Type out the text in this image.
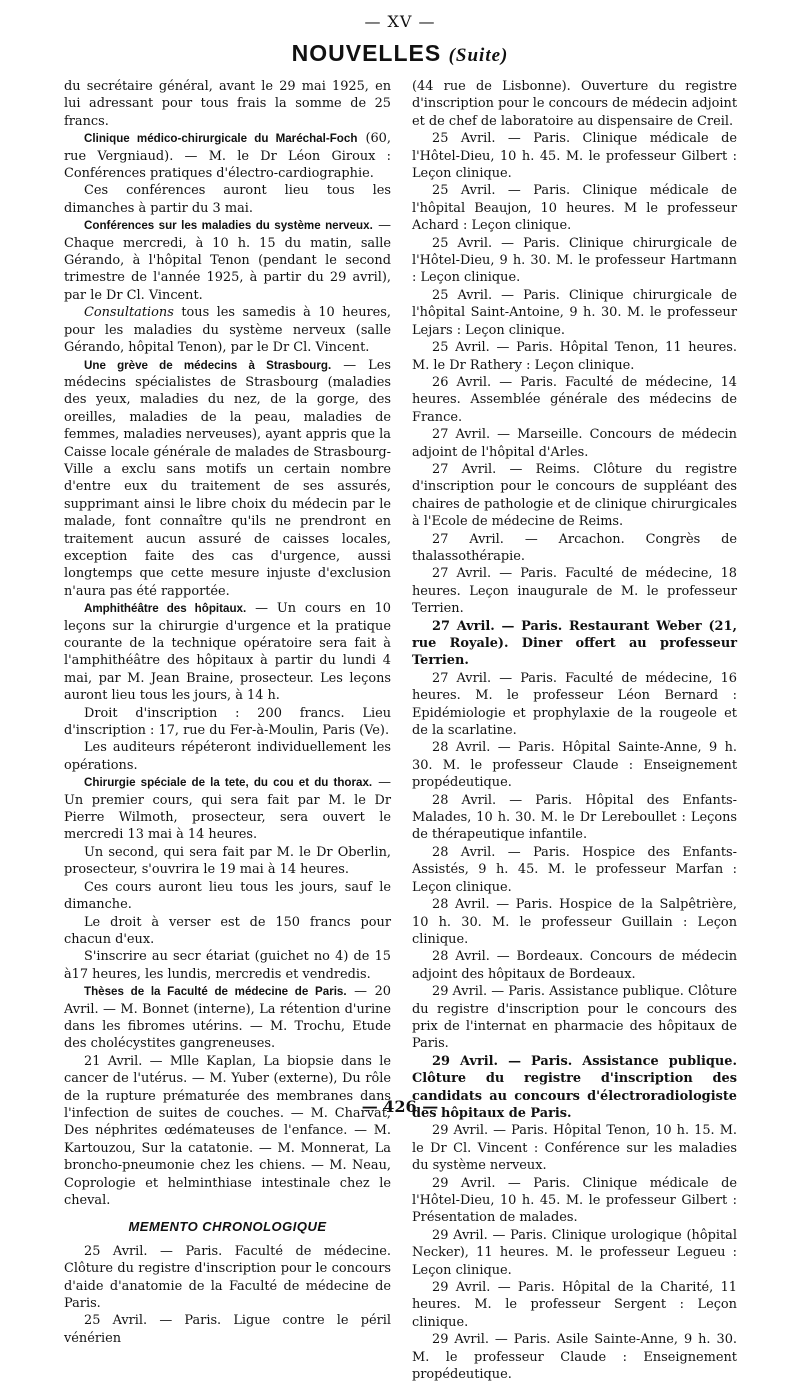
— XV —
NOUVELLES (Suite)

du secrétaire général, avant le 29 mai 1925, en lui adressant pour tous frais la somme de 25 francs.

Clinique médico-chirurgicale du Maréchal-Foch (60, rue Vergniaud). — M. le Dr Léon Giroux : Conférences pratiques d'électro-cardiographie.

Ces conférences auront lieu tous les dimanches à partir du 3 mai.

Conférences sur les maladies du système nerveux. — Chaque mercredi, à 10 h. 15 du matin, salle Gérando, à l'hôpital Tenon (pendant le second trimestre de l'année 1925, à partir du 29 avril), par le Dr Cl. Vincent.

Consultations tous les samedis à 10 heures, pour les maladies du système nerveux (salle Gérando, hôpital Tenon), par le Dr Cl. Vincent.

Une grève de médecins à Strasbourg. — Les médecins spécialistes de Strasbourg (maladies des yeux, maladies du nez, de la gorge, des oreilles, maladies de la peau, maladies de femmes, maladies nerveuses), ayant appris que la Caisse locale générale de malades de Strasbourg-Ville a exclu sans motifs un certain nombre d'entre eux du traitement de ses assurés, supprimant ainsi le libre choix du médecin par le malade, font connaître qu'ils ne prendront en traitement aucun assuré de caisses locales, exception faite des cas d'urgence, aussi longtemps que cette mesure injuste d'exclusion n'aura pas été rapportée.

Amphithéâtre des hôpitaux. — Un cours en 10 leçons sur la chirurgie d'urgence et la pratique courante de la technique opératoire sera fait à l'amphithéâtre des hôpitaux à partir du lundi 4 mai, par M. Jean Braine, prosecteur. Les leçons auront lieu tous les jours, à 14 h.

Droit d'inscription : 200 francs. Lieu d'inscription : 17, rue du Fer-à-Moulin, Paris (Ve).

Les auditeurs répéteront individuellement les opérations.

Chirurgie spéciale de la tete, du cou et du thorax. — Un premier cours, qui sera fait par M. le Dr Pierre Wilmoth, prosecteur, sera ouvert le mercredi 13 mai à 14 heures.

Un second, qui sera fait par M. le Dr Oberlin, prosecteur, s'ouvrira le 19 mai à 14 heures.

Ces cours auront lieu tous les jours, sauf le dimanche.

Le droit à verser est de 150 francs pour chacun d'eux.

S'inscrire au secr étariat (guichet no 4) de 15 à17 heures, les lundis, mercredis et vendredis.

Thèses de la Faculté de médecine de Paris. — 20 Avril. — M. Bonnet (interne), La rétention d'urine dans les fibromes utérins. — M. Trochu, Etude des cholécystites gangreneuses.

21 Avril. — Mlle Kaplan, La biopsie dans le cancer de l'utérus. — M. Yuber (externe), Du rôle de la rupture prématurée des membranes dans l'infection de suites de couches. — M. Charvat, Des néphrites œdémateuses de l'enfance. — M. Kartouzou, Sur la catatonie. — M. Monnerat, La broncho-pneumonie chez les chiens. — M. Neau, Coprologie et helminthiase intestinale chez le cheval.

MEMENTO CHRONOLOGIQUE

25 Avril. — Paris. Faculté de médecine. Clôture du registre d'inscription pour le concours d'aide d'anatomie de la Faculté de médecine de Paris.

25 Avril. — Paris. Ligue contre le péril vénérien

(44 rue de Lisbonne). Ouverture du registre d'inscription pour le concours de médecin adjoint et de chef de laboratoire au dispensaire de Creil.

25 Avril. — Paris. Clinique médicale de l'Hôtel-Dieu, 10 h. 45. M. le professeur Gilbert : Leçon clinique.

25 Avril. — Paris. Clinique médicale de l'hôpital Beaujon, 10 heures. M le professeur Achard : Leçon clinique.

25 Avril. — Paris. Clinique chirurgicale de l'Hôtel-Dieu, 9 h. 30. M. le professeur Hartmann : Leçon clinique.

25 Avril. — Paris. Clinique chirurgicale de l'hôpital Saint-Antoine, 9 h. 30. M. le professeur Lejars : Leçon clinique.

25 Avril. — Paris. Hôpital Tenon, 11 heures. M. le Dr Rathery : Leçon clinique.

26 Avril. — Paris. Faculté de médecine, 14 heures. Assemblée générale des médecins de France.

27 Avril. — Marseille. Concours de médecin adjoint de l'hôpital d'Arles.

27 Avril. — Reims. Clôture du registre d'inscription pour le concours de suppléant des chaires de pathologie et de clinique chirurgicales à l'Ecole de médecine de Reims.

27 Avril. — Arcachon. Congrès de thalassothérapie.

27 Avril. — Paris. Faculté de médecine, 18 heures. Leçon inaugurale de M. le professeur Terrien.

27 Avril. — Paris. Restaurant Weber (21, rue Royale). Diner offert au professeur Terrien.

27 Avril. — Paris. Faculté de médecine, 16 heures. M. le professeur Léon Bernard : Epidémiologie et prophylaxie de la rougeole et de la scarlatine.

28 Avril. — Paris. Hôpital Sainte-Anne, 9 h. 30. M. le professeur Claude : Enseignement propédeutique.

28 Avril. — Paris. Hôpital des Enfants-Malades, 10 h. 30. M. le Dr Lereboullet : Leçons de thérapeutique infantile.

28 Avril. — Paris. Hospice des Enfants-Assistés, 9 h. 45. M. le professeur Marfan : Leçon clinique.

28 Avril. — Paris. Hospice de la Salpêtrière, 10 h. 30. M. le professeur Guillain : Leçon clinique.

28 Avril. — Bordeaux. Concours de médecin adjoint des hôpitaux de Bordeaux.

29 Avril. — Paris. Assistance publique. Clôture du registre d'inscription pour le concours des prix de l'internat en pharmacie des hôpitaux de Paris.

29 Avril. — Paris. Assistance publique. Clôture du registre d'inscription des candidats au concours d'électroradiologiste des hôpitaux de Paris.

29 Avril. — Paris. Hôpital Tenon, 10 h. 15. M. le Dr Cl. Vincent : Conférence sur les maladies du système nerveux.

29 Avril. — Paris. Clinique médicale de l'Hôtel-Dieu, 10 h. 45. M. le professeur Gilbert : Présentation de malades.

29 Avril. — Paris. Clinique urologique (hôpital Necker), 11 heures. M. le professeur Legueu : Leçon clinique.

29 Avril. — Paris. Hôpital de la Charité, 11 heures. M. le professeur Sergent : Leçon clinique.

29 Avril. — Paris. Asile Sainte-Anne, 9 h. 30. M. le professeur Claude : Enseignement propédeutique.

— 426 —
